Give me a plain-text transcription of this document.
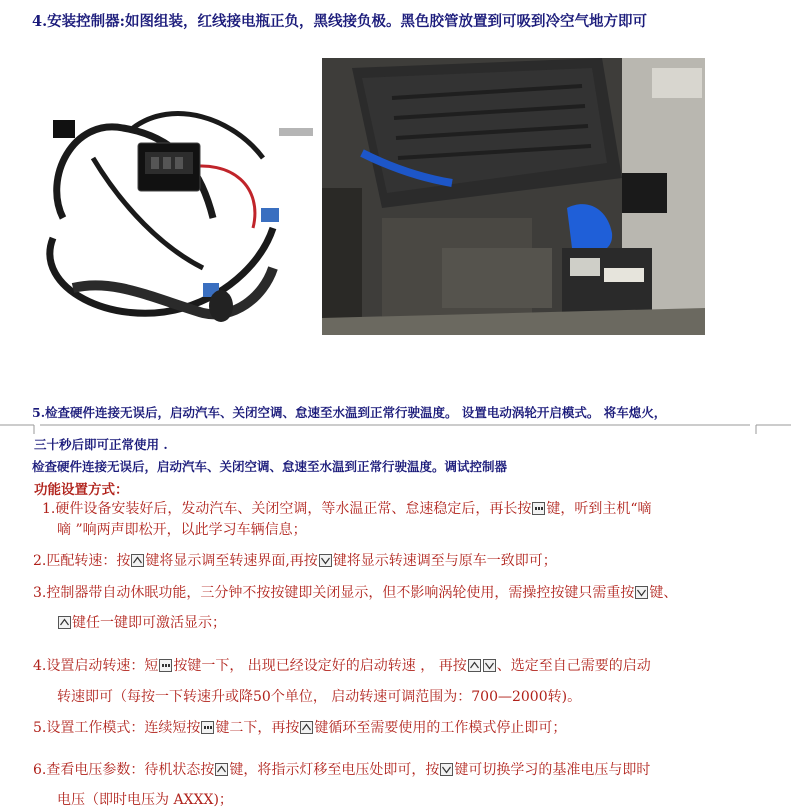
4.安装控制器:如图组装，红线接电瓶正负，黑线接负极。黑色胶管放置到可吸到冷空气地方即可
5.检查硬件连接无误后，启动汽车、关闭空调、怠速至水温到正常行驶温度。 设置电动涡轮开启模式。 将车熄火，
三十秒后即可正常使用 .
检查硬件连接无误后，启动汽车、关闭空调、怠速至水温到正常行驶温度。调试控制器
功能设置方式：
1.硬件设备安装好后，发动汽车、关闭空调，等水温正常、怠速稳定后，再长按 键，听到主机“嘀
嘀 ”响两声即松开，以此学习车辆信息；
2.匹配转速：按 键将显示调至转速界面,再按 键将显示转速调至与原车一致即可；
3.控制器带自动休眠功能，三分钟不按按键即关闭显示，但不影响涡轮使用，需操控按键只需重按 键、
键任一键即可激活显示；
4.设置启动转速：短 按键一下， 出现已经设定好的启动转速 ， 再按 、选定至自己需要的启动
转速即可（每按一下转速升或降50个单位， 启动转速可调范围为：700—2000转)。
5.设置工作模式：连续短按 键二下，再按 键循环至需要使用的工作模式停止即可；
6.查看电压参数：待机状态按 键，将指示灯移至电压处即可，按 键可切换学习的基准电压与即时
电压（即时电压为 AXXX)；
